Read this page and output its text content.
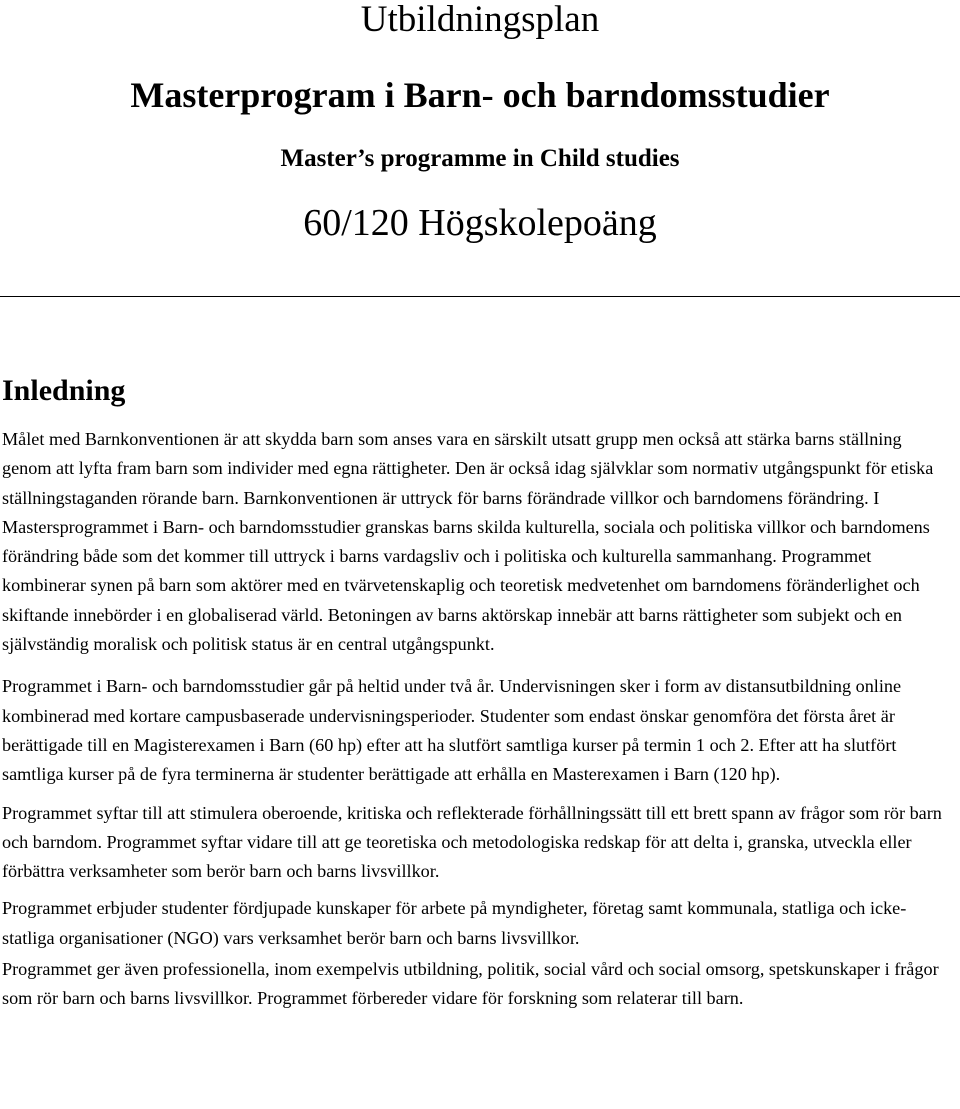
Utbildningsplan
Masterprogram i Barn- och barndomsstudier
Master’s programme in Child studies
60/120 Högskolepoäng
Inledning

Målet med Barnkonventionen är att skydda barn som anses vara en särskilt utsatt grupp men också att stärka barns ställning genom att lyfta fram barn som individer med egna rättigheter. Den är också idag självklar som normativ utgångspunkt för etiska ställningstaganden rörande barn. Barnkonventionen är uttryck för barns förändrade villkor och barndomens förändring. I Mastersprogrammet i Barn- och barndomsstudier granskas barns skilda kulturella, sociala och politiska villkor och barndomens förändring både som det kommer till uttryck i barns vardagsliv och i politiska och kulturella sammanhang. Programmet kombinerar synen på barn som aktörer med en tvärvetenskaplig och teoretisk medvetenhet om barndomens föränderlighet och skiftande innebörder i en globaliserad värld. Betoningen av barns aktörskap innebär att barns rättigheter som subjekt och en självständig moralisk och politisk status är en central utgångspunkt.

Programmet i Barn- och barndomsstudier går på heltid under två år. Undervisningen sker i form av distansutbildning online kombinerad med kortare campusbaserade undervisningsperioder. Studenter som endast önskar genomföra det första året är berättigade till en Magisterexamen i Barn (60 hp) efter att ha slutfört samtliga kurser på termin 1 och 2. Efter att ha slutfört samtliga kurser på de fyra terminerna är studenter berättigade att erhålla en Masterexamen i Barn (120 hp).

Programmet syftar till att stimulera oberoende, kritiska och reflekterade förhållningssätt till ett brett spann av frågor som rör barn och barndom. Programmet syftar vidare till att ge teoretiska och metodologiska redskap för att delta i, granska, utveckla eller förbättra verksamheter som berör barn och barns livsvillkor.

Programmet erbjuder studenter fördjupade kunskaper för arbete på myndigheter, företag samt kommunala, statliga och icke-statliga organisationer (NGO) vars verksamhet berör barn och barns livsvillkor.

Programmet ger även professionella, inom exempelvis utbildning, politik, social vård och social omsorg, spetskunskaper i frågor som rör barn och barns livsvillkor. Programmet förbereder vidare för forskning som relaterar till barn.
